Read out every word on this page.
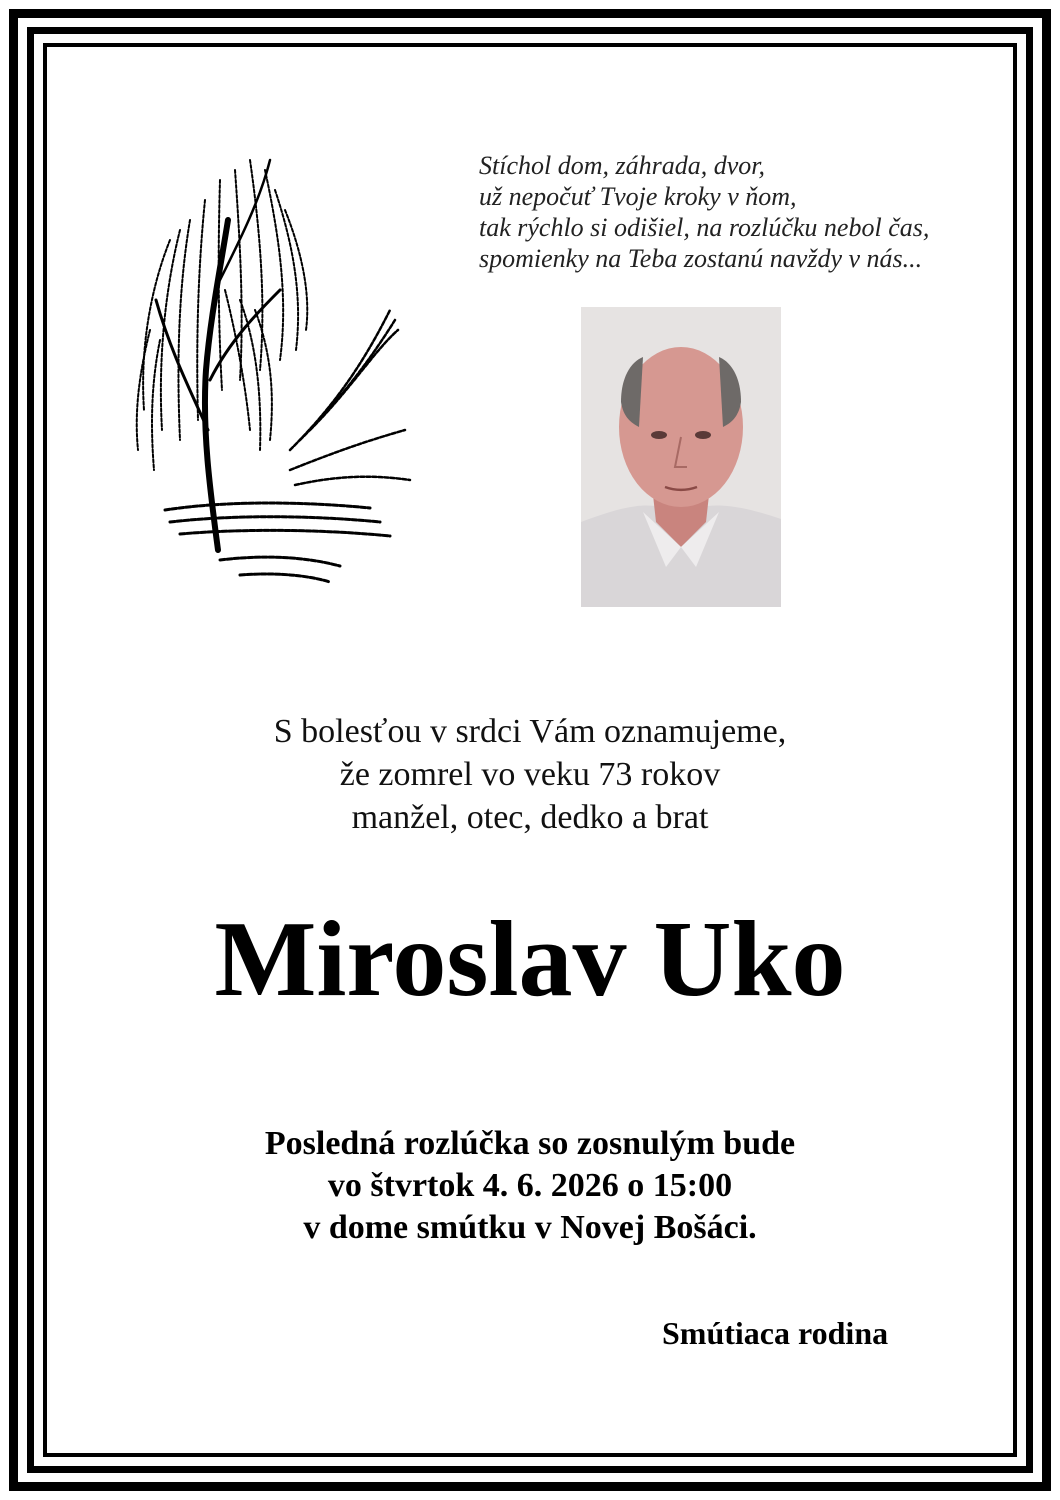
Stíchol dom, záhrada, dvor,
už nepočuť Tvoje kroky v ňom,
tak rýchlo si odišiel, na rozlúčku nebol čas,
spomienky na Teba zostanú navždy v nás...
S bolesťou v srdci Vám oznamujeme,
že zomrel vo veku 73 rokov
manžel, otec, dedko a brat
Miroslav Uko
Posledná rozlúčka so zosnulým bude
vo štvrtok 4. 6. 2026 o 15:00
v dome smútku v Novej Bošáci.
Smútiaca rodina
